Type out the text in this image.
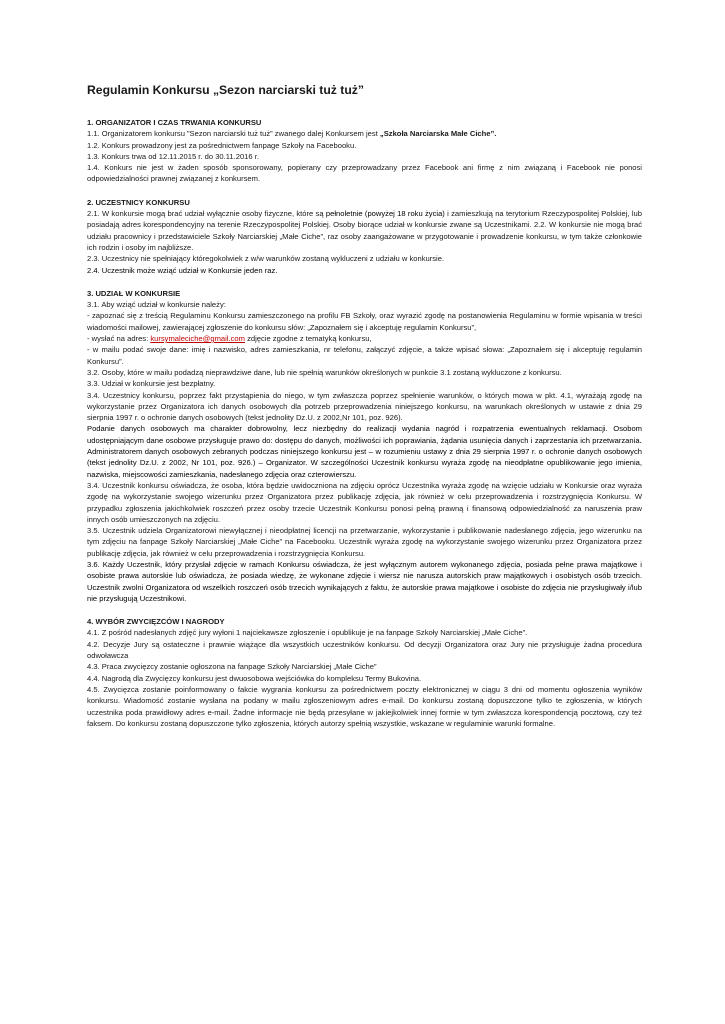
Regulamin Konkursu „Sezon narciarski tuż tuż”

1. ORGANIZATOR I CZAS TRWANIA KONKURSU

1.1. Organizatorem konkursu ”Sezon narciarski tuż tuż” zwanego dalej Konkursem jest „Szkoła Narciarska Małe Ciche”.

1.2. Konkurs prowadzony jest za pośrednictwem fanpage Szkoły na Facebooku.

1.3. Konkurs trwa od 12.11.2015 r. do 30.11.2016 r.

1.4. Konkurs nie jest w żaden sposób sponsorowany, popierany czy przeprowadzany przez Facebook ani firmę z nim związaną i Facebook nie ponosi odpowiedzialności prawnej związanej z konkursem.

2. UCZESTNICY KONKURSU

2.1. W konkursie mogą brać udział wyłącznie osoby fizyczne, które są pełnoletnie (powyżej 18 roku życia) i zamieszkują na terytorium Rzeczypospolitej Polskiej, lub posiadają adres korespondencyjny na terenie Rzeczypospolitej Polskiej. Osoby biorące udział w konkursie zwane są Uczestnikami. 2.2. W konkursie nie mogą brać udziału pracownicy i przedstawiciele Szkoły Narciarskiej „Małe Ciche”, raz osoby zaangażowane w przygotowanie i prowadzenie konkursu, w tym także członkowie ich rodzin i osoby im najbliższe.

2.3. Uczestnicy nie spełniający któregokolwiek z w/w warunków zostaną wykluczeni z udziału w konkursie.

2.4. Uczestnik może wziąć udział w Konkursie jeden raz.

3. UDZIAŁ W KONKURSIE

3.1. Aby wziąć udział w konkursie należy:

- zapoznać się z treścią Regulaminu Konkursu zamieszczonego na profilu FB Szkoły, oraz wyrazić zgodę na postanowienia Regulaminu w formie wpisania w treści wiadomości mailowej, zawierającej zgłoszenie do konkursu słów: „Zapoznałem się i akceptuję regulamin Konkursu”,

- wysłać na adres: kursymaleciche@gmail.com zdjęcie zgodne z tematyką konkursu,

- w mailu podać swoje dane: imię i nazwisko, adres zamieszkania, nr telefonu, załączyć zdjęcie, a także wpisać słowa: „Zapoznałem się i akceptuję regulamin Konkursu”.

3.2. Osoby, które w mailu podadzą nieprawdziwe dane, lub nie spełnią warunków określonych w punkcie 3.1 zostaną wykluczone z konkursu.

3.3. Udział w konkursie jest bezpłatny.

3.4. Uczestnicy konkursu, poprzez fakt przystąpienia do niego, w tym zwłaszcza poprzez spełnienie warunków, o których mowa w pkt. 4.1, wyrażają zgodę na wykorzystanie przez Organizatora ich danych osobowych dla potrzeb przeprowadzenia niniejszego konkursu, na warunkach określonych w ustawie z dnia 29 sierpnia 1997 r. o ochronie danych osobowych (tekst jednolity Dz.U. z 2002,Nr 101, poz. 926).

Podanie danych osobowych ma charakter dobrowolny, lecz niezbędny do realizacji wydania nagród i rozpatrzenia ewentualnych reklamacji. Osobom udostępniającym dane osobowe przysługuje prawo do: dostępu do danych, możliwości ich poprawiania, żądania usunięcia danych i zaprzestania ich przetwarzania. Administratorem danych osobowych zebranych podczas niniejszego konkursu jest – w rozumieniu ustawy z dnia 29 sierpnia 1997 r. o ochronie danych osobowych (tekst jednolity Dz.U. z 2002, Nr 101, poz. 926.) – Organizator. W szczególności Uczestnik konkursu wyraża zgodę na nieodpłatne opublikowanie jego imienia, nazwiska, miejscowości zamieszkania, nadesłanego zdjęcia oraz czterowierszu.

3.4. Uczestnik konkursu oświadcza, że osoba, która będzie uwidoczniona na zdjęciu oprócz Uczestnika wyraża zgodę na wzięcie udziału w Konkursie oraz wyraża zgodę na wykorzystanie swojego wizerunku przez Organizatora przez publikację zdjęcia, jak również w celu przeprowadzenia i rozstrzygnięcia Konkursu. W przypadku zgłoszenia jakichkolwiek roszczeń przez osoby trzecie Uczestnik Konkursu ponosi pełną prawną i finansową odpowiedzialność za naruszenia praw innych osób umieszczonych na zdjęciu.

3.5. Uczestnik udziela Organizatorowi niewyłącznej i nieodpłatnej licencji na przetwarzanie, wykorzystanie i publikowanie nadesłanego zdjęcia, jego wizerunku na tym zdjęciu na fanpage Szkoły Narciarskiej „Małe Ciche” na Facebooku. Uczestnik wyraża zgodę na wykorzystanie swojego wizerunku przez Organizatora przez publikację zdjęcia, jak również w celu przeprowadzenia i rozstrzygnięcia Konkursu.

3.6. Każdy Uczestnik, który przysłał zdjęcie w ramach Konkursu oświadcza, że jest wyłącznym autorem wykonanego zdjęcia, posiada pełne prawa majątkowe i osobiste prawa autorskie lub oświadcza, że posiada wiedzę, że wykonane zdjęcie i wiersz nie narusza autorskich praw majątkowych i osobistych osób trzecich. Uczestnik zwolni Organizatora od wszelkich roszczeń osób trzecich wynikających z faktu, że autorskie prawa majątkowe i osobiste do zdjęcia nie przysługiwały i/lub nie przysługują Uczestnikowi.

4. WYBÓR ZWYCIĘZCÓW I NAGRODY

4.1. Z pośród nadesłanych zdjęć jury wyłoni 1 najciekawsze zgłoszenie i opublikuje je na fanpage Szkoły Narciarskiej „Małe Ciche”.

4.2. Decyzje Jury są ostateczne i prawnie wiążące dla wszystkich uczestników konkursu. Od decyzji Organizatora oraz Jury nie przysługuje żadna procedura odwoławcza

4.3. Praca zwycięzcy zostanie ogłoszona na fanpage Szkoły Narciarskiej „Małe Ciche”

4.4. Nagrodą dla Zwycięzcy konkursu jest dwuosobowa wejściówka do kompleksu Termy Bukovina.

4.5. Zwycięzca zostanie poinformowany o fakcie wygrania konkursu za pośrednictwem poczty elektronicznej w ciągu 3 dni od momentu ogłoszenia wyników konkursu. Wiadomość zostanie wysłana na podany w mailu zgłoszeniowym adres e-mail. Do konkursu zostaną dopuszczone tylko te zgłoszenia, w których uczestnika poda prawidłowy adres e-mail. Żadne informacje nie będą przesyłane w jakiejkolwiek innej formie w tym zwłaszcza korespondencją pocztową, czy też faksem. Do konkursu zostaną dopuszczone tylko zgłoszenia, których autorzy spełnią wszystkie, wskazane w regulaminie warunki formalne.
